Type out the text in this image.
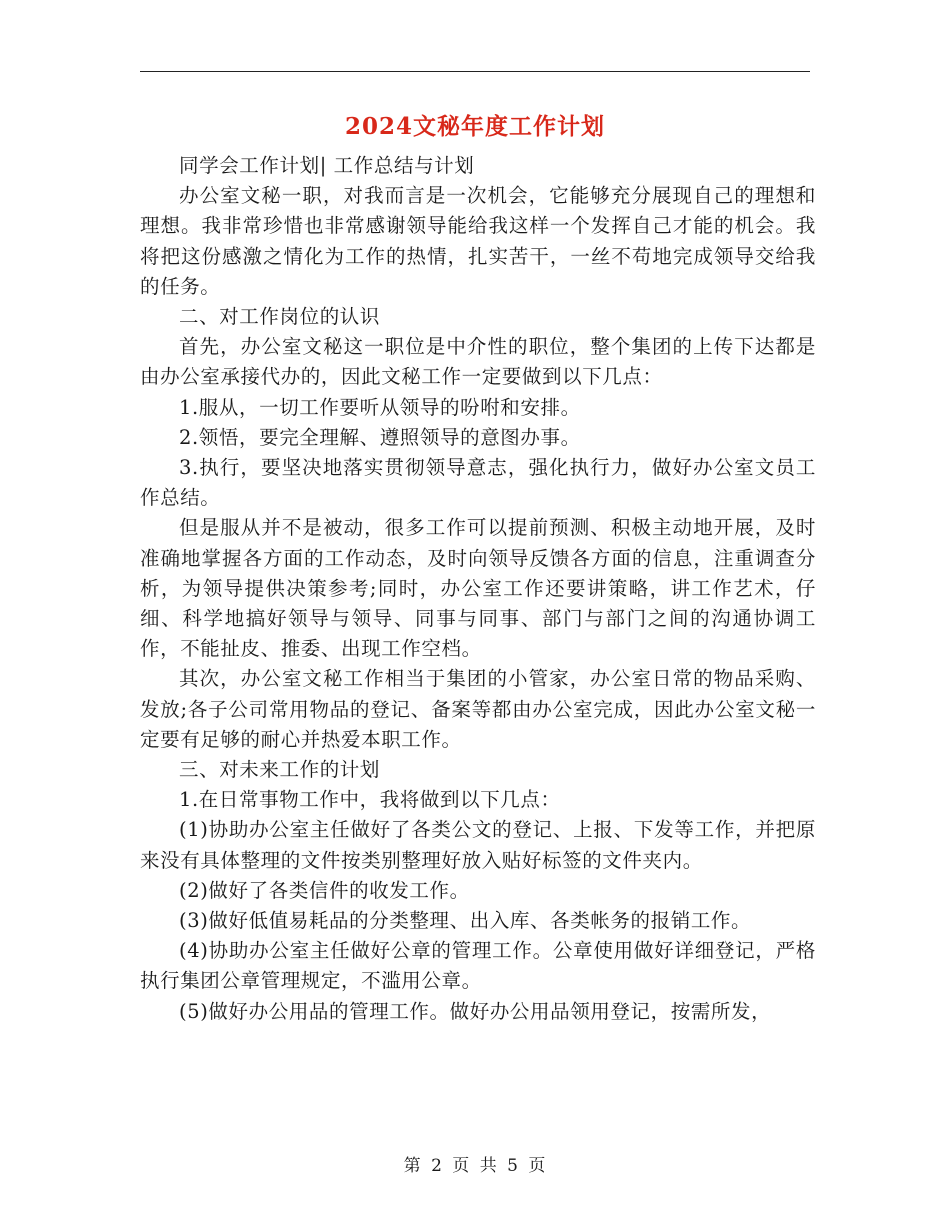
2024文秘年度工作计划

同学会工作计划| 工作总结与计划

办公室文秘一职，对我而言是一次机会，它能够充分展现自己的理想和理想。我非常珍惜也非常感谢领导能给我这样一个发挥自己才能的机会。我将把这份感激之情化为工作的热情，扎实苦干，一丝不苟地完成领导交给我的任务。

二、对工作岗位的认识

首先，办公室文秘这一职位是中介性的职位，整个集团的上传下达都是由办公室承接代办的，因此文秘工作一定要做到以下几点：

1.服从，一切工作要听从领导的吩咐和安排。

2.领悟，要完全理解、遵照领导的意图办事。

3.执行，要坚决地落实贯彻领导意志，强化执行力，做好办公室文员工作总结。

但是服从并不是被动，很多工作可以提前预测、积极主动地开展，及时准确地掌握各方面的工作动态，及时向领导反馈各方面的信息，注重调查分析，为领导提供决策参考;同时，办公室工作还要讲策略，讲工作艺术，仔细、科学地搞好领导与领导、同事与同事、部门与部门之间的沟通协调工作，不能扯皮、推委、出现工作空档。

其次，办公室文秘工作相当于集团的小管家，办公室日常的物品采购、发放;各子公司常用物品的登记、备案等都由办公室完成，因此办公室文秘一定要有足够的耐心并热爱本职工作。

三、对未来工作的计划

1.在日常事物工作中，我将做到以下几点：

(1)协助办公室主任做好了各类公文的登记、上报、下发等工作，并把原来没有具体整理的文件按类别整理好放入贴好标签的文件夹内。

(2)做好了各类信件的收发工作。

(3)做好低值易耗品的分类整理、出入库、各类帐务的报销工作。

(4)协助办公室主任做好公章的管理工作。公章使用做好详细登记，严格执行集团公章管理规定，不滥用公章。

(5)做好办公用品的管理工作。做好办公用品领用登记，按需所发，

第 2 页 共 5 页
